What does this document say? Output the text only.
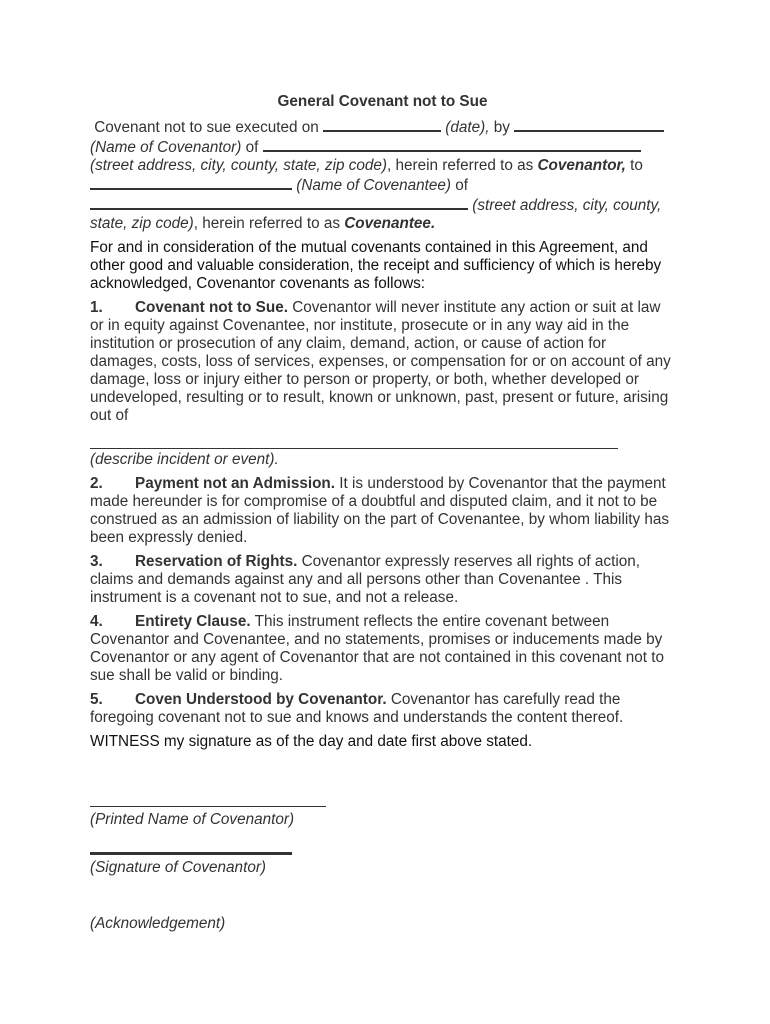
General Covenant not to Sue

Covenant not to sue executed on	(date), by
(Name of Covenantor) of
(street address, city, county, state, zip code), herein referred to as Covenantor, to
(Name of Covenantee) of
(street address, city, county,
state, zip code), herein referred to as Covenantee.

For and in consideration of the mutual covenants contained in this Agreement, and other good and valuable consideration, the receipt and sufficiency of which is hereby acknowledged, Covenantor covenants as follows:

1. Covenant not to Sue. Covenantor will never institute any action or suit at law or in equity against Covenantee, nor institute, prosecute or in any way aid in the institution or prosecution of any claim, demand, action, or cause of action for damages, costs, loss of services, expenses, or compensation for or on account of any damage, loss or injury either to person or property, or both, whether developed or undeveloped, resulting or to result, known or unknown, past, present or future, arising out of

(describe incident or event).

2. Payment not an Admission. It is understood by Covenantor that the payment made hereunder is for compromise of a doubtful and disputed claim, and it not to be construed as an admission of liability on the part of Covenantee, by whom liability has been expressly denied.

3. Reservation of Rights. Covenantor expressly reserves all rights of action, claims and demands against any and all persons other than Covenantee . This instrument is a covenant not to sue, and not a release.

4. Entirety Clause. This instrument reflects the entire covenant between Covenantor and Covenantee, and no statements, promises or inducements made by Covenantor or any agent of Covenantor that are not contained in this covenant not to sue shall be valid or binding.

5. Coven Understood by Covenantor. Covenantor has carefully read the foregoing covenant not to sue and knows and understands the content thereof.

WITNESS my signature as of the day and date first above stated.

(Printed Name of Covenantor)

(Signature of Covenantor)

(Acknowledgement)
